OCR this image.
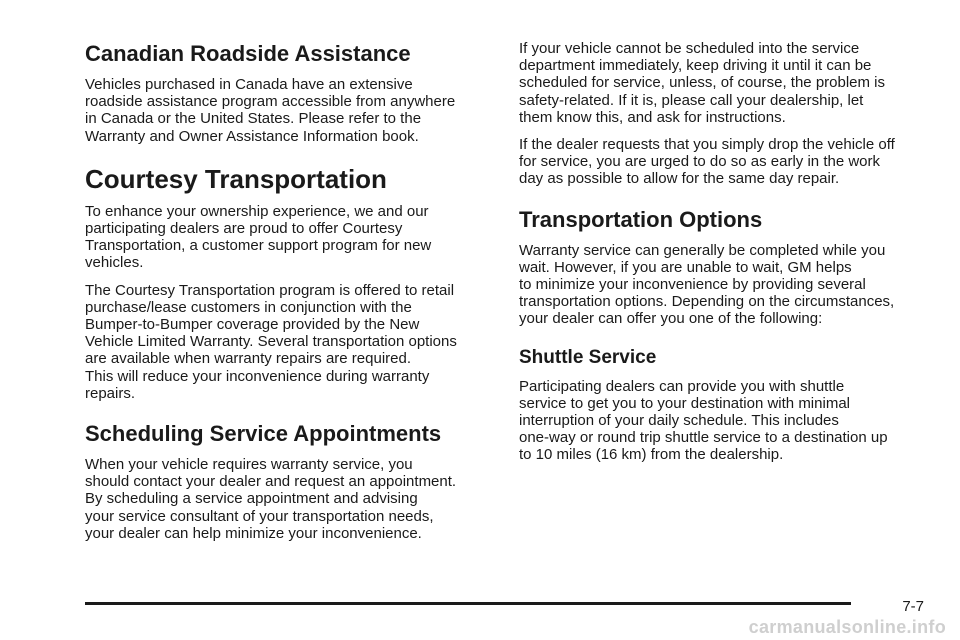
Canadian Roadside Assistance

Vehicles purchased in Canada have an extensive
roadside assistance program accessible from anywhere
in Canada or the United States. Please refer to the
Warranty and Owner Assistance Information book.

Courtesy Transportation

To enhance your ownership experience, we and our
participating dealers are proud to offer Courtesy
Transportation, a customer support program for new
vehicles.

The Courtesy Transportation program is offered to retail
purchase/lease customers in conjunction with the
Bumper-to-Bumper coverage provided by the New
Vehicle Limited Warranty. Several transportation options
are available when warranty repairs are required.
This will reduce your inconvenience during warranty
repairs.

Scheduling Service Appointments

When your vehicle requires warranty service, you
should contact your dealer and request an appointment.
By scheduling a service appointment and advising
your service consultant of your transportation needs,
your dealer can help minimize your inconvenience.

If your vehicle cannot be scheduled into the service
department immediately, keep driving it until it can be
scheduled for service, unless, of course, the problem is
safety-related. If it is, please call your dealership, let
them know this, and ask for instructions.

If the dealer requests that you simply drop the vehicle off
for service, you are urged to do so as early in the work
day as possible to allow for the same day repair.

Transportation Options

Warranty service can generally be completed while you
wait. However, if you are unable to wait, GM helps
to minimize your inconvenience by providing several
transportation options. Depending on the circumstances,
your dealer can offer you one of the following:

Shuttle Service

Participating dealers can provide you with shuttle
service to get you to your destination with minimal
interruption of your daily schedule. This includes
one-way or round trip shuttle service to a destination up
to 10 miles (16 km) from the dealership.

7-7
carmanualsonline.info
